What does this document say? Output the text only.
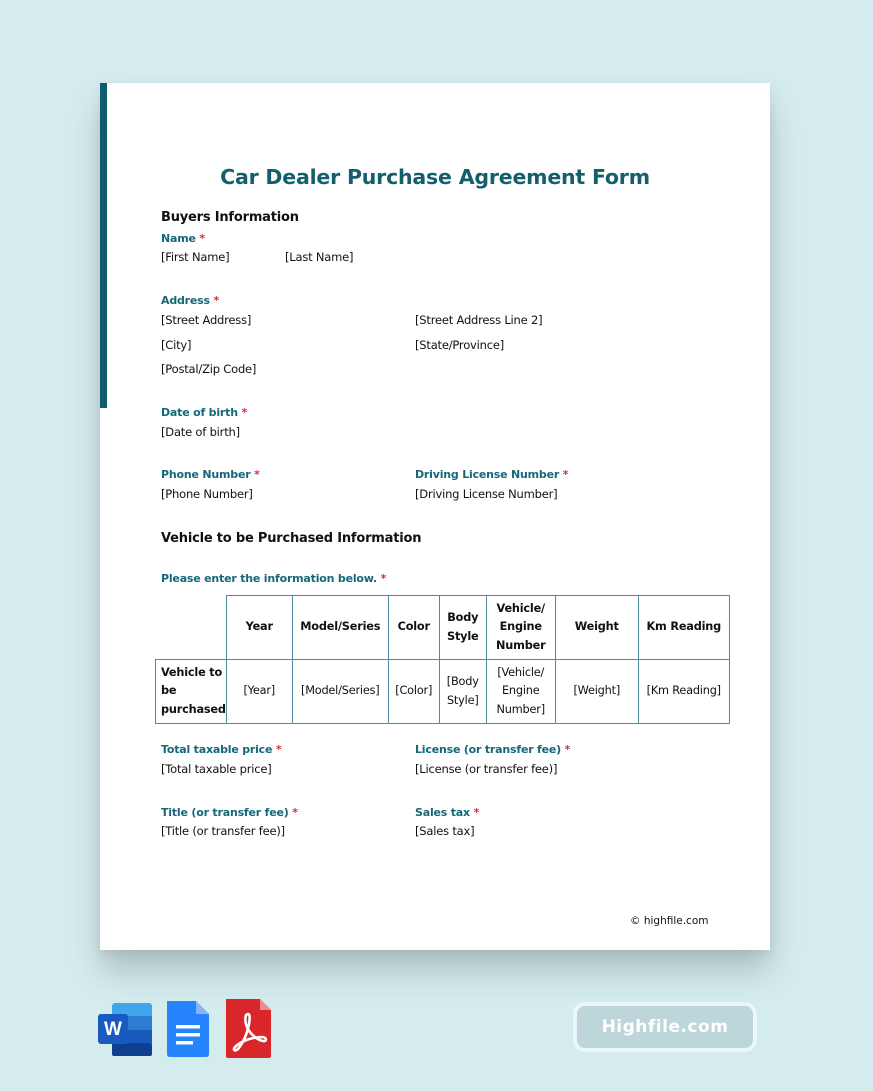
Car Dealer Purchase Agreement Form
Buyers Information
Name *
[First Name]	[Last Name]
Address *
[Street Address]	[Street Address Line 2]
[City]	[State/Province]
[Postal/Zip Code]
Date of birth *
[Date of birth]
Phone Number *
[Phone Number]
Driving License Number *
[Driving License Number]
Vehicle to be Purchased Information
Please enter the information below. *
	Year	Model/Series	Color	Body
Style	Vehicle/
Engine
Number	Weight	Km Reading
Vehicle to
be
purchased	[Year]	[Model/Series]	[Color]	[Body
Style]	[Vehicle/
Engine
Number]	[Weight]	[Km Reading]
Total taxable price *
[Total taxable price]
License (or transfer fee) *
[License (or transfer fee)]
Title (or transfer fee) *
[Title (or transfer fee)]
Sales tax *
[Sales tax]
© highfile.com
W	Highfile.com
